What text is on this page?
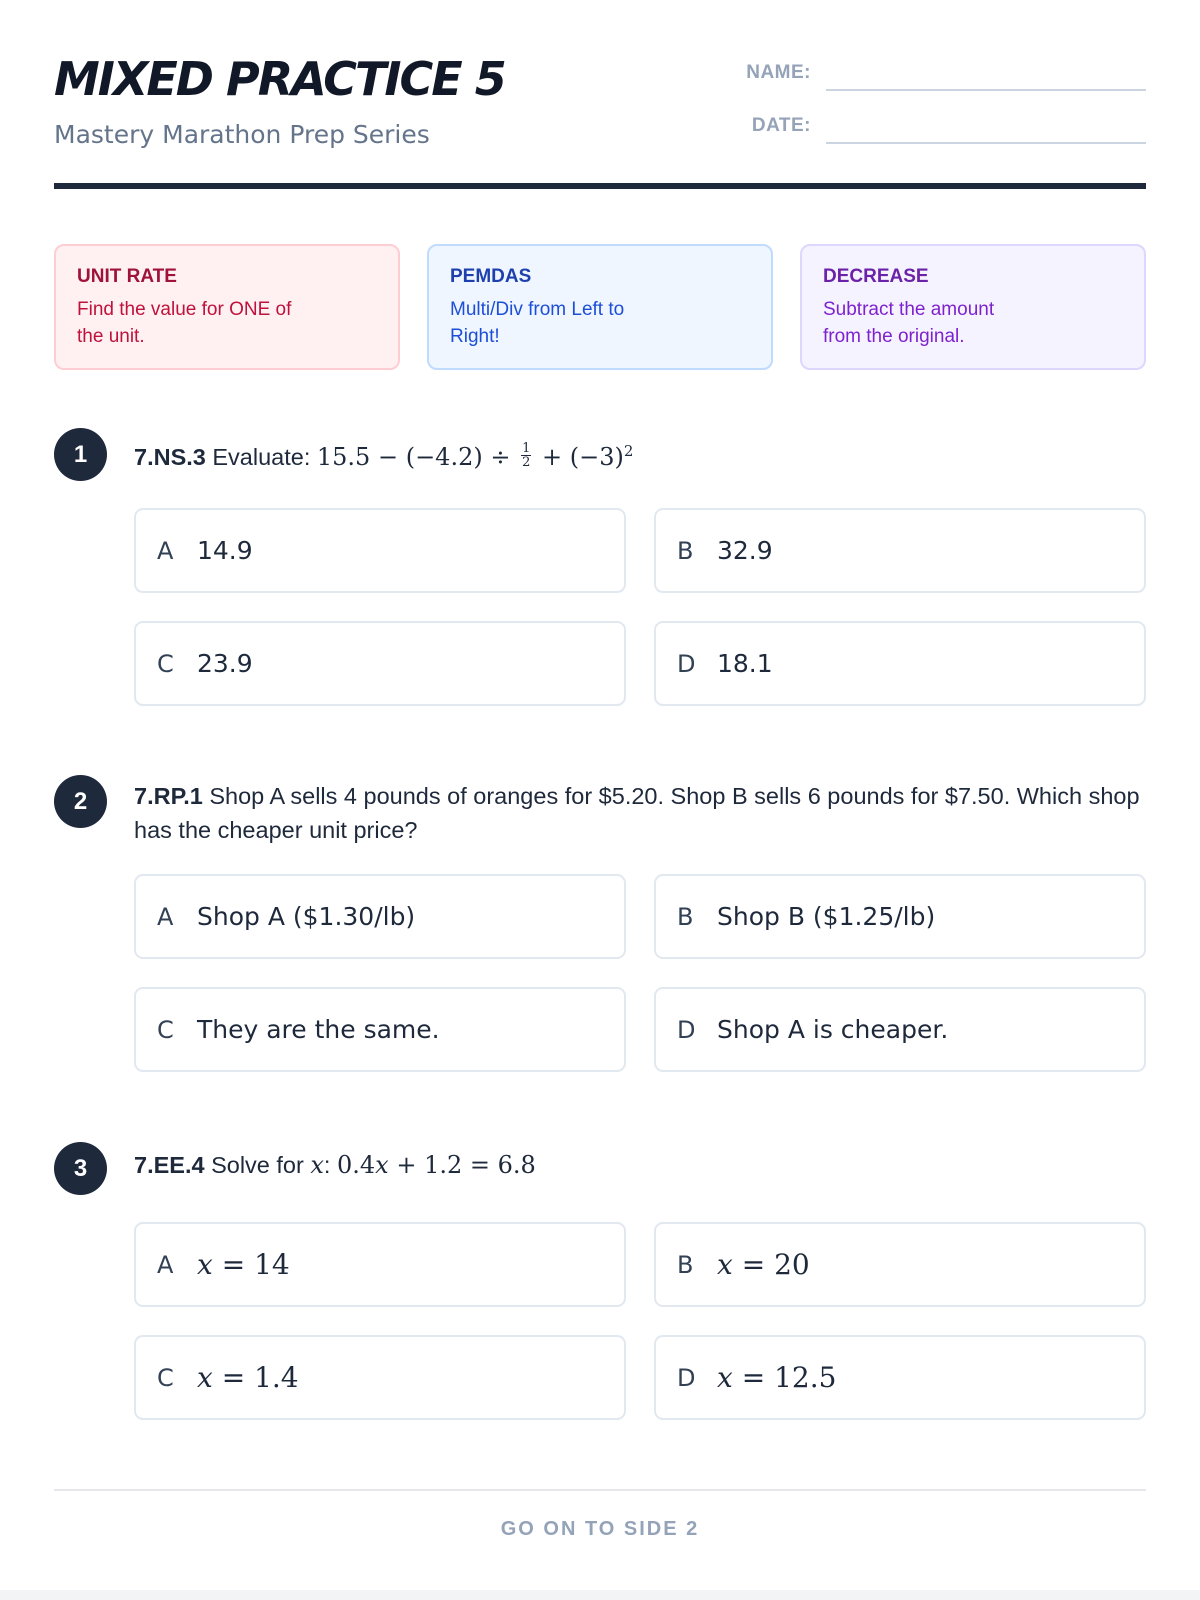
MIXED PRACTICE 5

Mastery Marathon Prep Series

NAME:
DATE:
UNIT RATE

Find the value for ONE of the unit.

PEMDAS

Multi/Div from Left to Right!

DECREASE

Subtract the amount from the original.

1	7.NS.3 Evaluate: $15.5 - (-4.2) \div \frac{1}{2} + (-3)^2$
A 14.9	B 32.9
C 23.9	D 18.1
2	7.RP.1 Shop A sells 4 pounds of oranges for $5.20. Shop B sells 6 pounds for $7.50. Which shop has the cheaper unit price?
A Shop A ($1.30/lb)	B Shop B ($1.25/lb)
C They are the same.	D Shop A is cheaper.
3	7.EE.4 Solve for x: 0.4x + 1.2 = 6.8
A x = 14	B x = 20
C x = 1.4	D x = 12.5
GO ON TO SIDE 2
